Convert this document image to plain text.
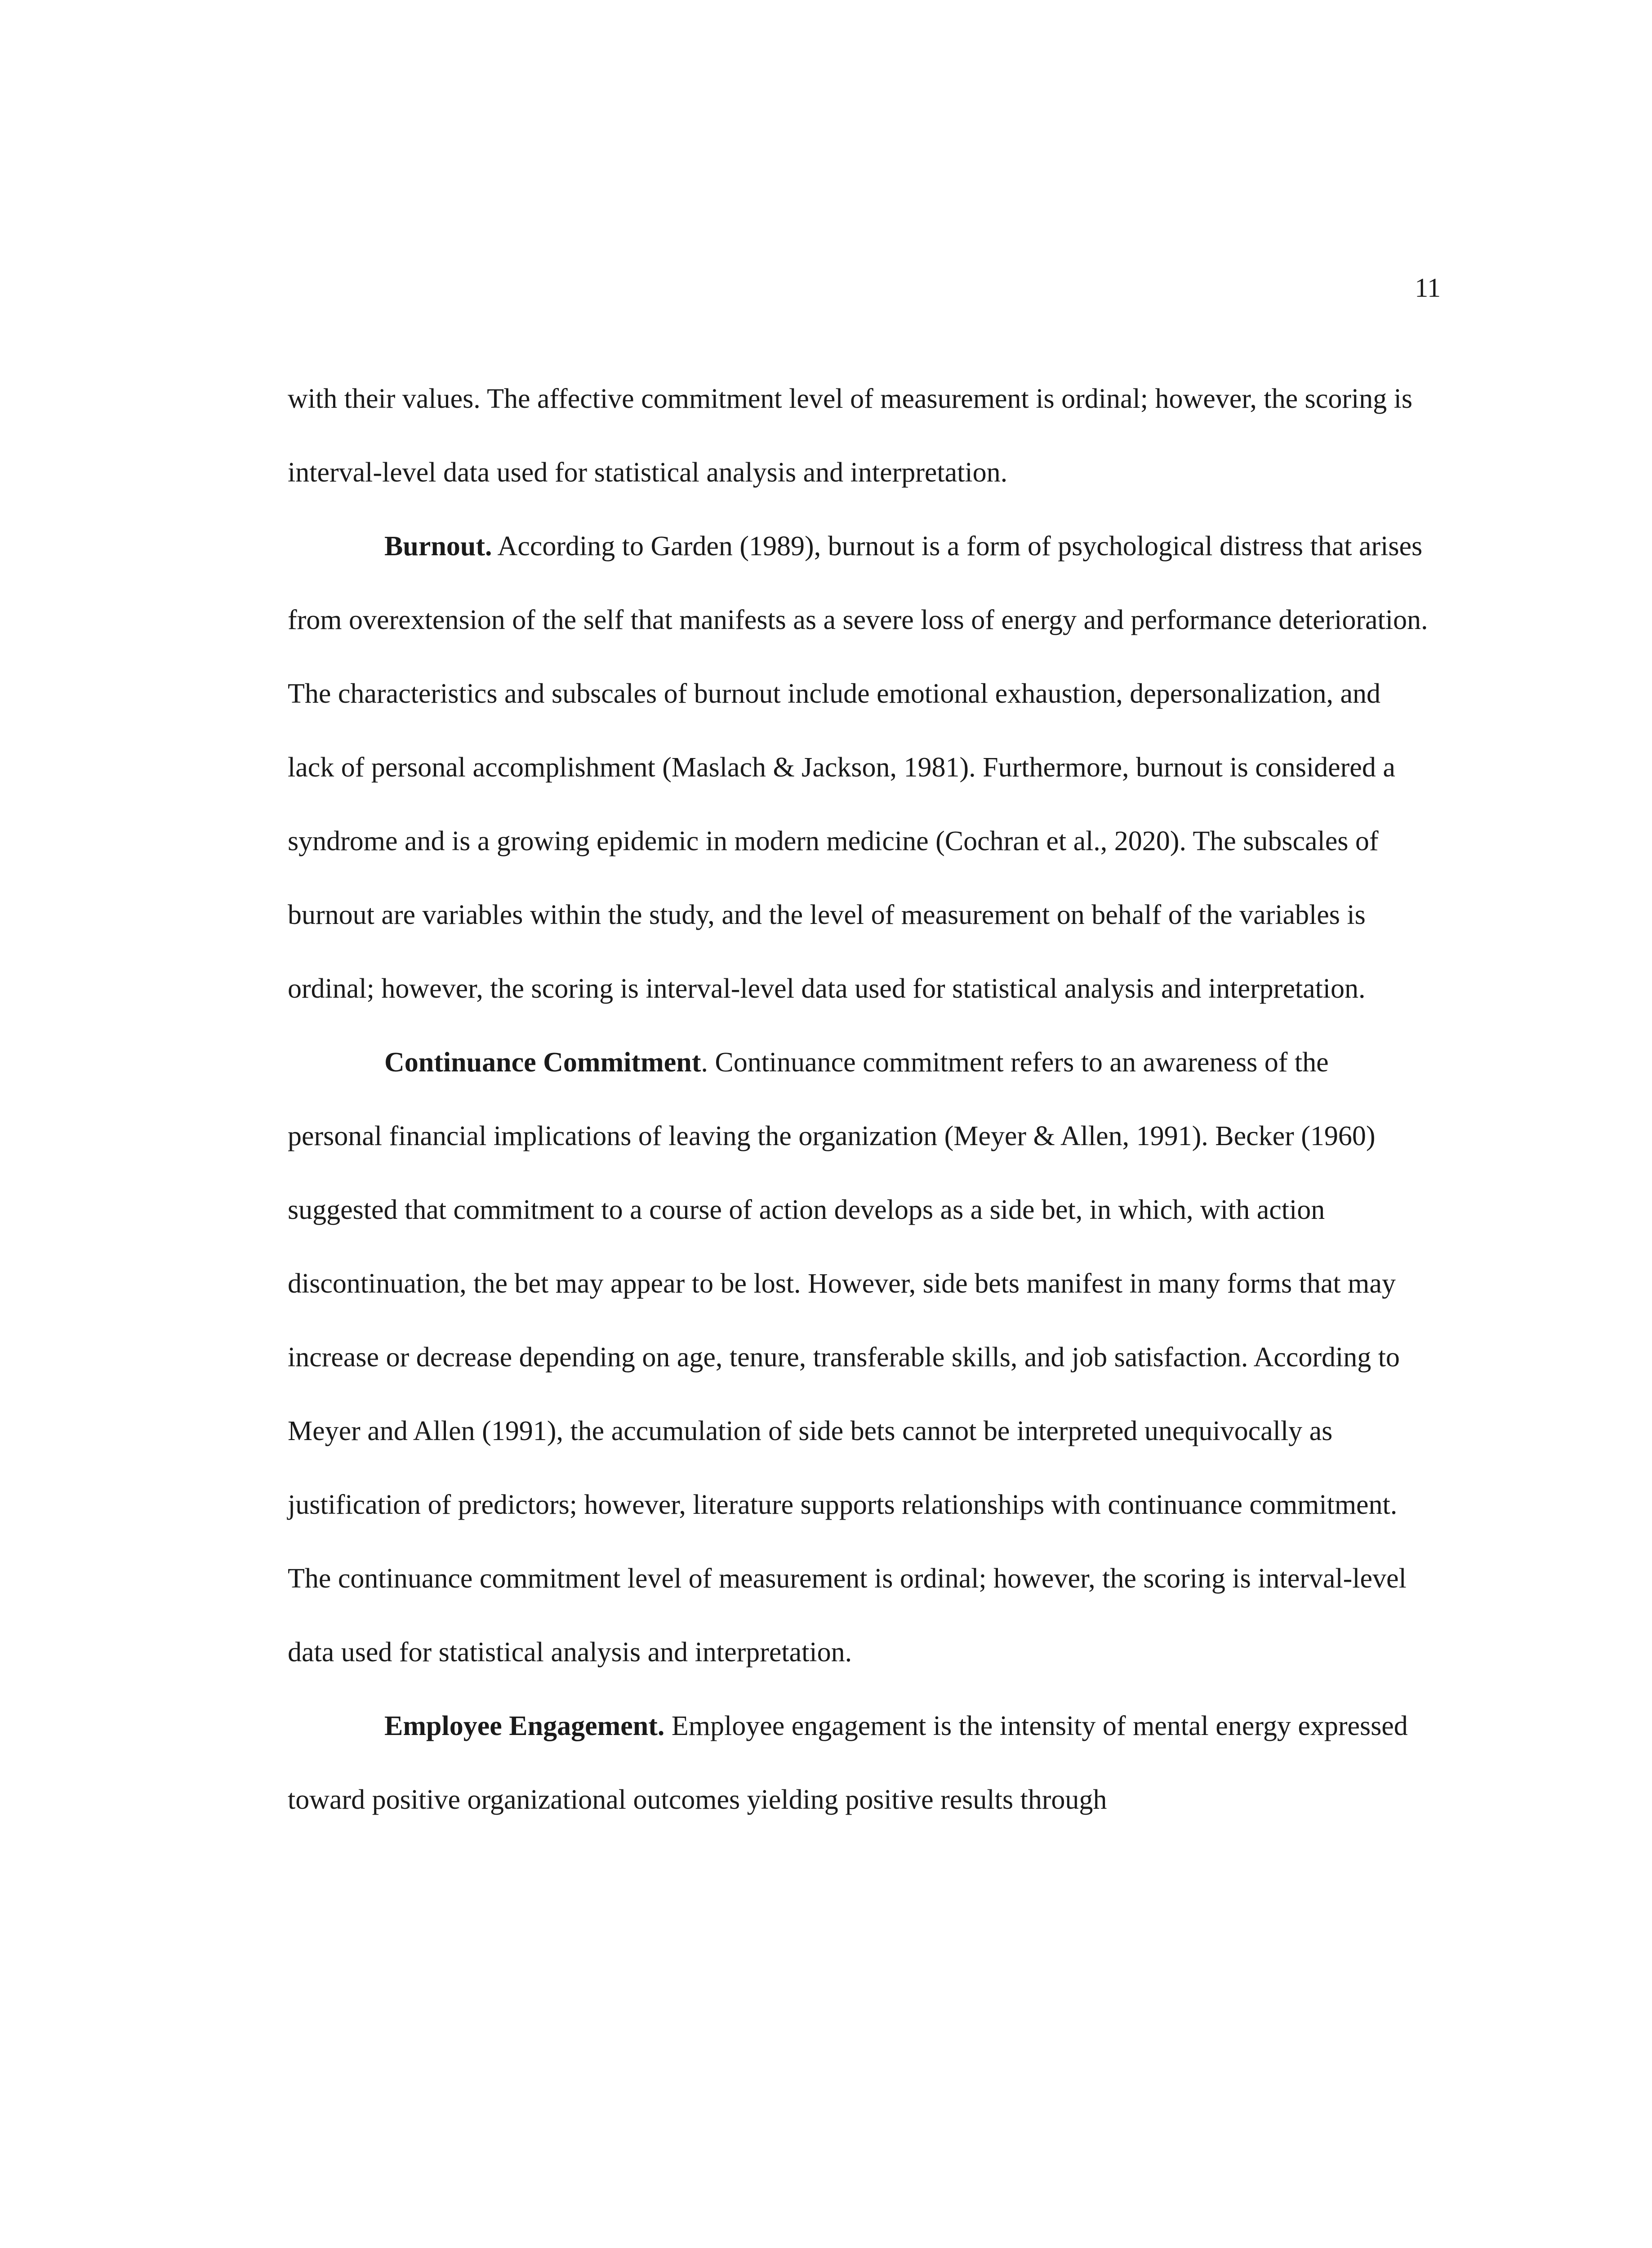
11

with their values. The affective commitment level of measurement is ordinal; however, the scoring is interval-level data used for statistical analysis and interpretation.

Burnout. According to Garden (1989), burnout is a form of psychological distress that arises from overextension of the self that manifests as a severe loss of energy and performance deterioration. The characteristics and subscales of burnout include emotional exhaustion, depersonalization, and lack of personal accomplishment (Maslach & Jackson, 1981). Furthermore, burnout is considered a syndrome and is a growing epidemic in modern medicine (Cochran et al., 2020). The subscales of burnout are variables within the study, and the level of measurement on behalf of the variables is ordinal; however, the scoring is interval-level data used for statistical analysis and interpretation.

Continuance Commitment. Continuance commitment refers to an awareness of the personal financial implications of leaving the organization (Meyer & Allen, 1991). Becker (1960) suggested that commitment to a course of action develops as a side bet, in which, with action discontinuation, the bet may appear to be lost. However, side bets manifest in many forms that may increase or decrease depending on age, tenure, transferable skills, and job satisfaction. According to Meyer and Allen (1991), the accumulation of side bets cannot be interpreted unequivocally as justification of predictors; however, literature supports relationships with continuance commitment. The continuance commitment level of measurement is ordinal; however, the scoring is interval-level data used for statistical analysis and interpretation.

Employee Engagement. Employee engagement is the intensity of mental energy expressed toward positive organizational outcomes yielding positive results through
